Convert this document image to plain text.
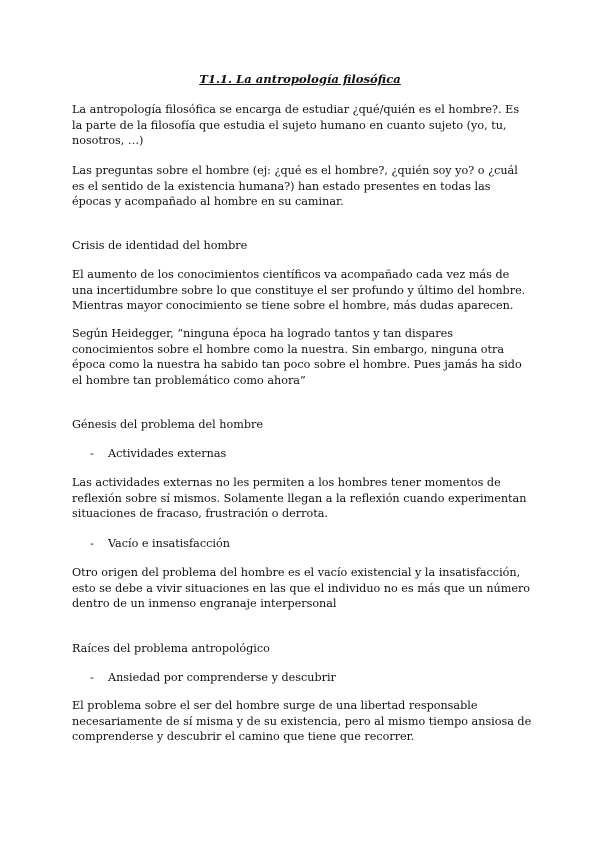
T1.1. La antropología filosófica

La antropología filosófica se encarga de estudiar ¿qué/quién es el hombre?. Es la parte de la filosofía que estudia el sujeto humano en cuanto sujeto (yo, tu, nosotros, …)

Las preguntas sobre el hombre (ej: ¿qué es el hombre?, ¿quién soy yo? o ¿cuál es el sentido de la existencia humana?) han estado presentes en todas las épocas y acompañado al hombre en su caminar.

Crisis de identidad del hombre

El aumento de los conocimientos científicos va acompañado cada vez más de una incertidumbre sobre lo que constituye el ser profundo y último del hombre. Mientras mayor conocimiento se tiene sobre el hombre, más dudas aparecen.

Según Heidegger, “ninguna época ha logrado tantos y tan dispares conocimientos sobre el hombre como la nuestra. Sin embargo, ninguna otra época como la nuestra ha sabido tan poco sobre el hombre. Pues jamás ha sido el hombre tan problemático como ahora”

Génesis del problema del hombre
- Actividades externas

Las actividades externas no les permiten a los hombres tener momentos de reflexión sobre sí mismos. Solamente llegan a la reflexión cuando experimentan situaciones de fracaso, frustración o derrota.

- Vacío e insatisfacción

Otro origen del problema del hombre es el vacío existencial y la insatisfacción, esto se debe a vivir situaciones en las que el individuo no es más que un número dentro de un inmenso engranaje interpersonal

Raíces del problema antropológico
- Ansiedad por comprenderse y descubrir

El problema sobre el ser del hombre surge de una libertad responsable necesariamente de sí misma y de su existencia, pero al mismo tiempo ansiosa de comprenderse y descubrir el camino que tiene que recorrer.
